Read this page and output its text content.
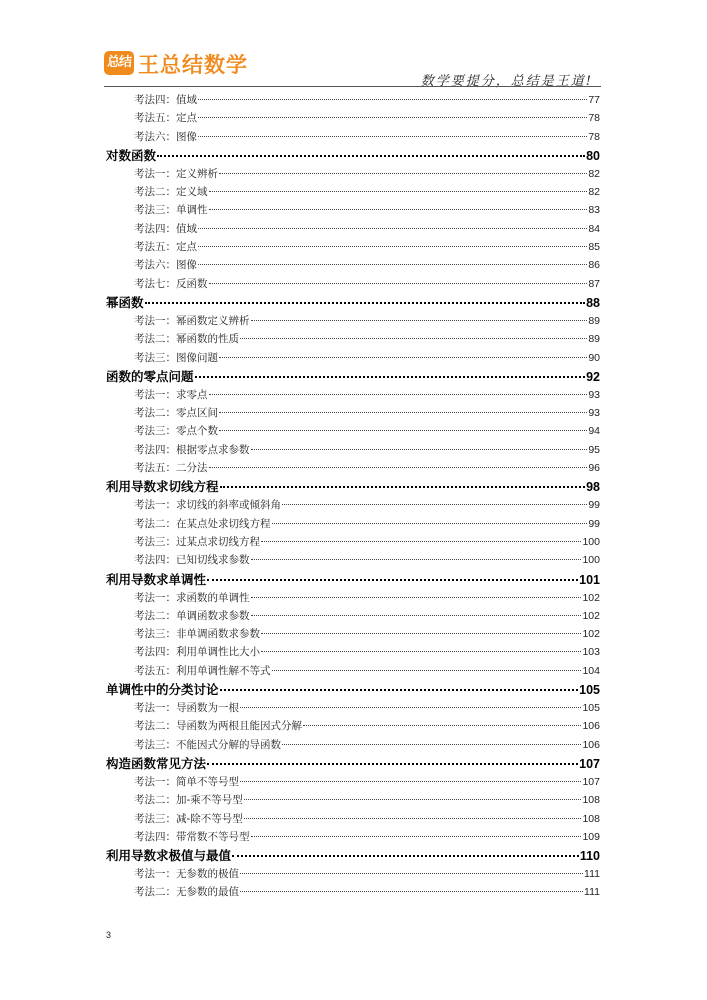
总结 王总结数学
数学要提分，总结是王道!
考法四：值域	77
考法五：定点	78
考法六：图像	78
对数函数	80
考法一：定义辨析	82
考法二：定义域	82
考法三：单调性	83
考法四：值域	84
考法五：定点	85
考法六：图像	86
考法七：反函数	87
幂函数	88
考法一：幂函数定义辨析	89
考法二：幂函数的性质	89
考法三：图像问题	90
函数的零点问题	92
考法一：求零点	93
考法二：零点区间	93
考法三：零点个数	94
考法四：根据零点求参数	95
考法五：二分法	96
利用导数求切线方程	98
考法一：求切线的斜率或倾斜角	99
考法二：在某点处求切线方程	99
考法三：过某点求切线方程	100
考法四：已知切线求参数	100
利用导数求单调性	101
考法一：求函数的单调性	102
考法二：单调函数求参数	102
考法三：非单调函数求参数	102
考法四：利用单调性比大小	103
考法五：利用单调性解不等式	104
单调性中的分类讨论	105
考法一：导函数为一根	105
考法二：导函数为两根且能因式分解	106
考法三：不能因式分解的导函数	106
构造函数常见方法	107
考法一：简单不等号型	107
考法二：加-乘不等号型	108
考法三：减-除不等号型	108
考法四：带常数不等号型	109
利用导数求极值与最值	110
考法一：无参数的极值	111
考法二：无参数的最值	111
3
